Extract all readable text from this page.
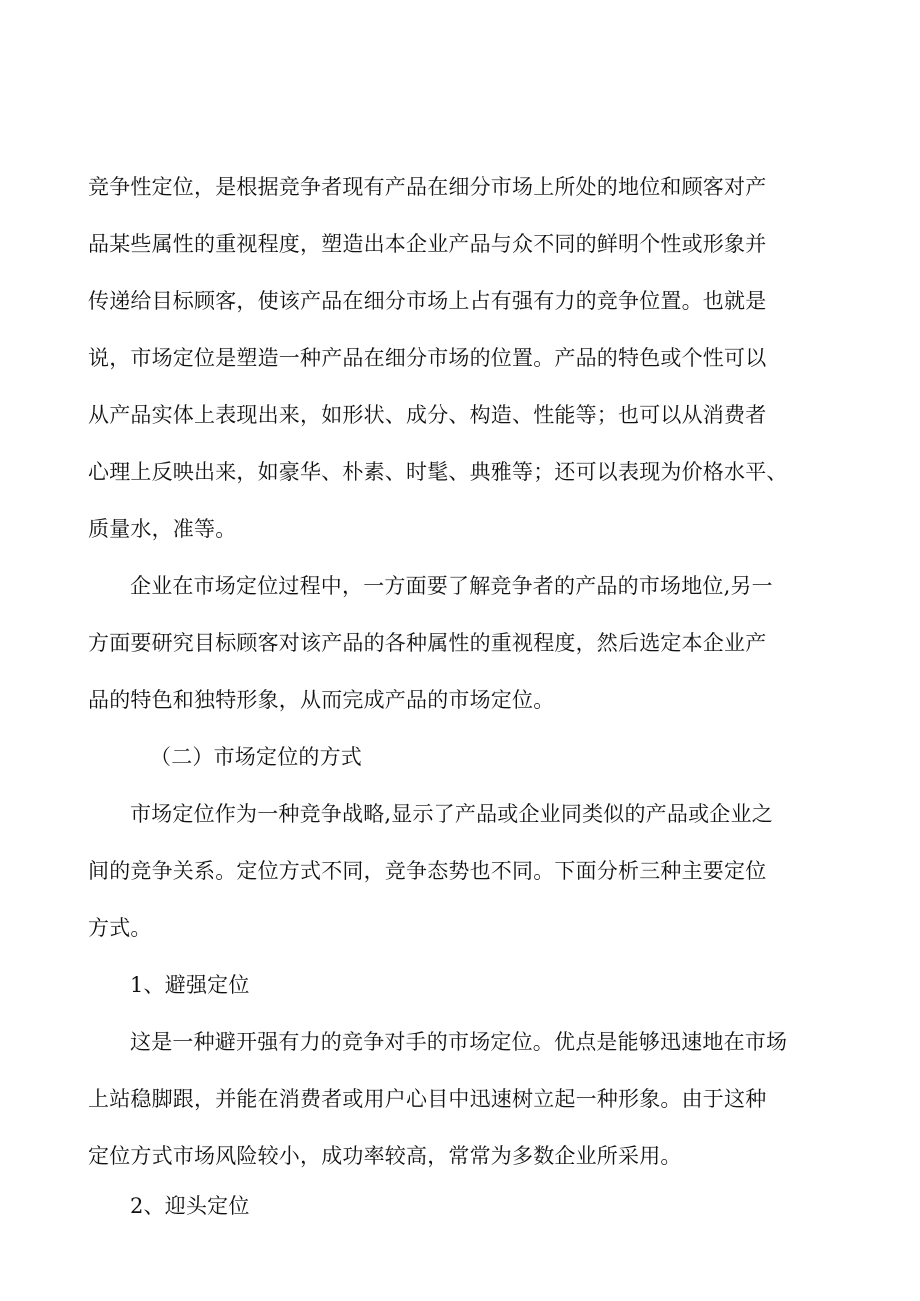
竞争性定位，是根据竞争者现有产品在细分市场上所处的地位和顾客对产
品某些属性的重视程度，塑造出本企业产品与众不同的鲜明个性或形象并
传递给目标顾客，使该产品在细分市场上占有强有力的竞争位置。也就是
说，市场定位是塑造一种产品在细分市场的位置。产品的特色或个性可以
从产品实体上表现出来，如形状、成分、构造、性能等；也可以从消费者
心理上反映出来，如豪华、朴素、时髦、典雅等；还可以表现为价格水平、
质量水，准等。
企业在市场定位过程中，一方面要了解竞争者的产品的市场地位,另一
方面要研究目标顾客对该产品的各种属性的重视程度，然后选定本企业产
品的特色和独特形象，从而完成产品的市场定位。
（二）市场定位的方式
市场定位作为一种竞争战略,显示了产品或企业同类似的产品或企业之
间的竞争关系。定位方式不同，竞争态势也不同。下面分析三种主要定位
方式。
1、避强定位
这是一种避开强有力的竞争对手的市场定位。优点是能够迅速地在市场
上站稳脚跟，并能在消费者或用户心目中迅速树立起一种形象。由于这种
定位方式市场风险较小，成功率较高，常常为多数企业所采用。
2、迎头定位
